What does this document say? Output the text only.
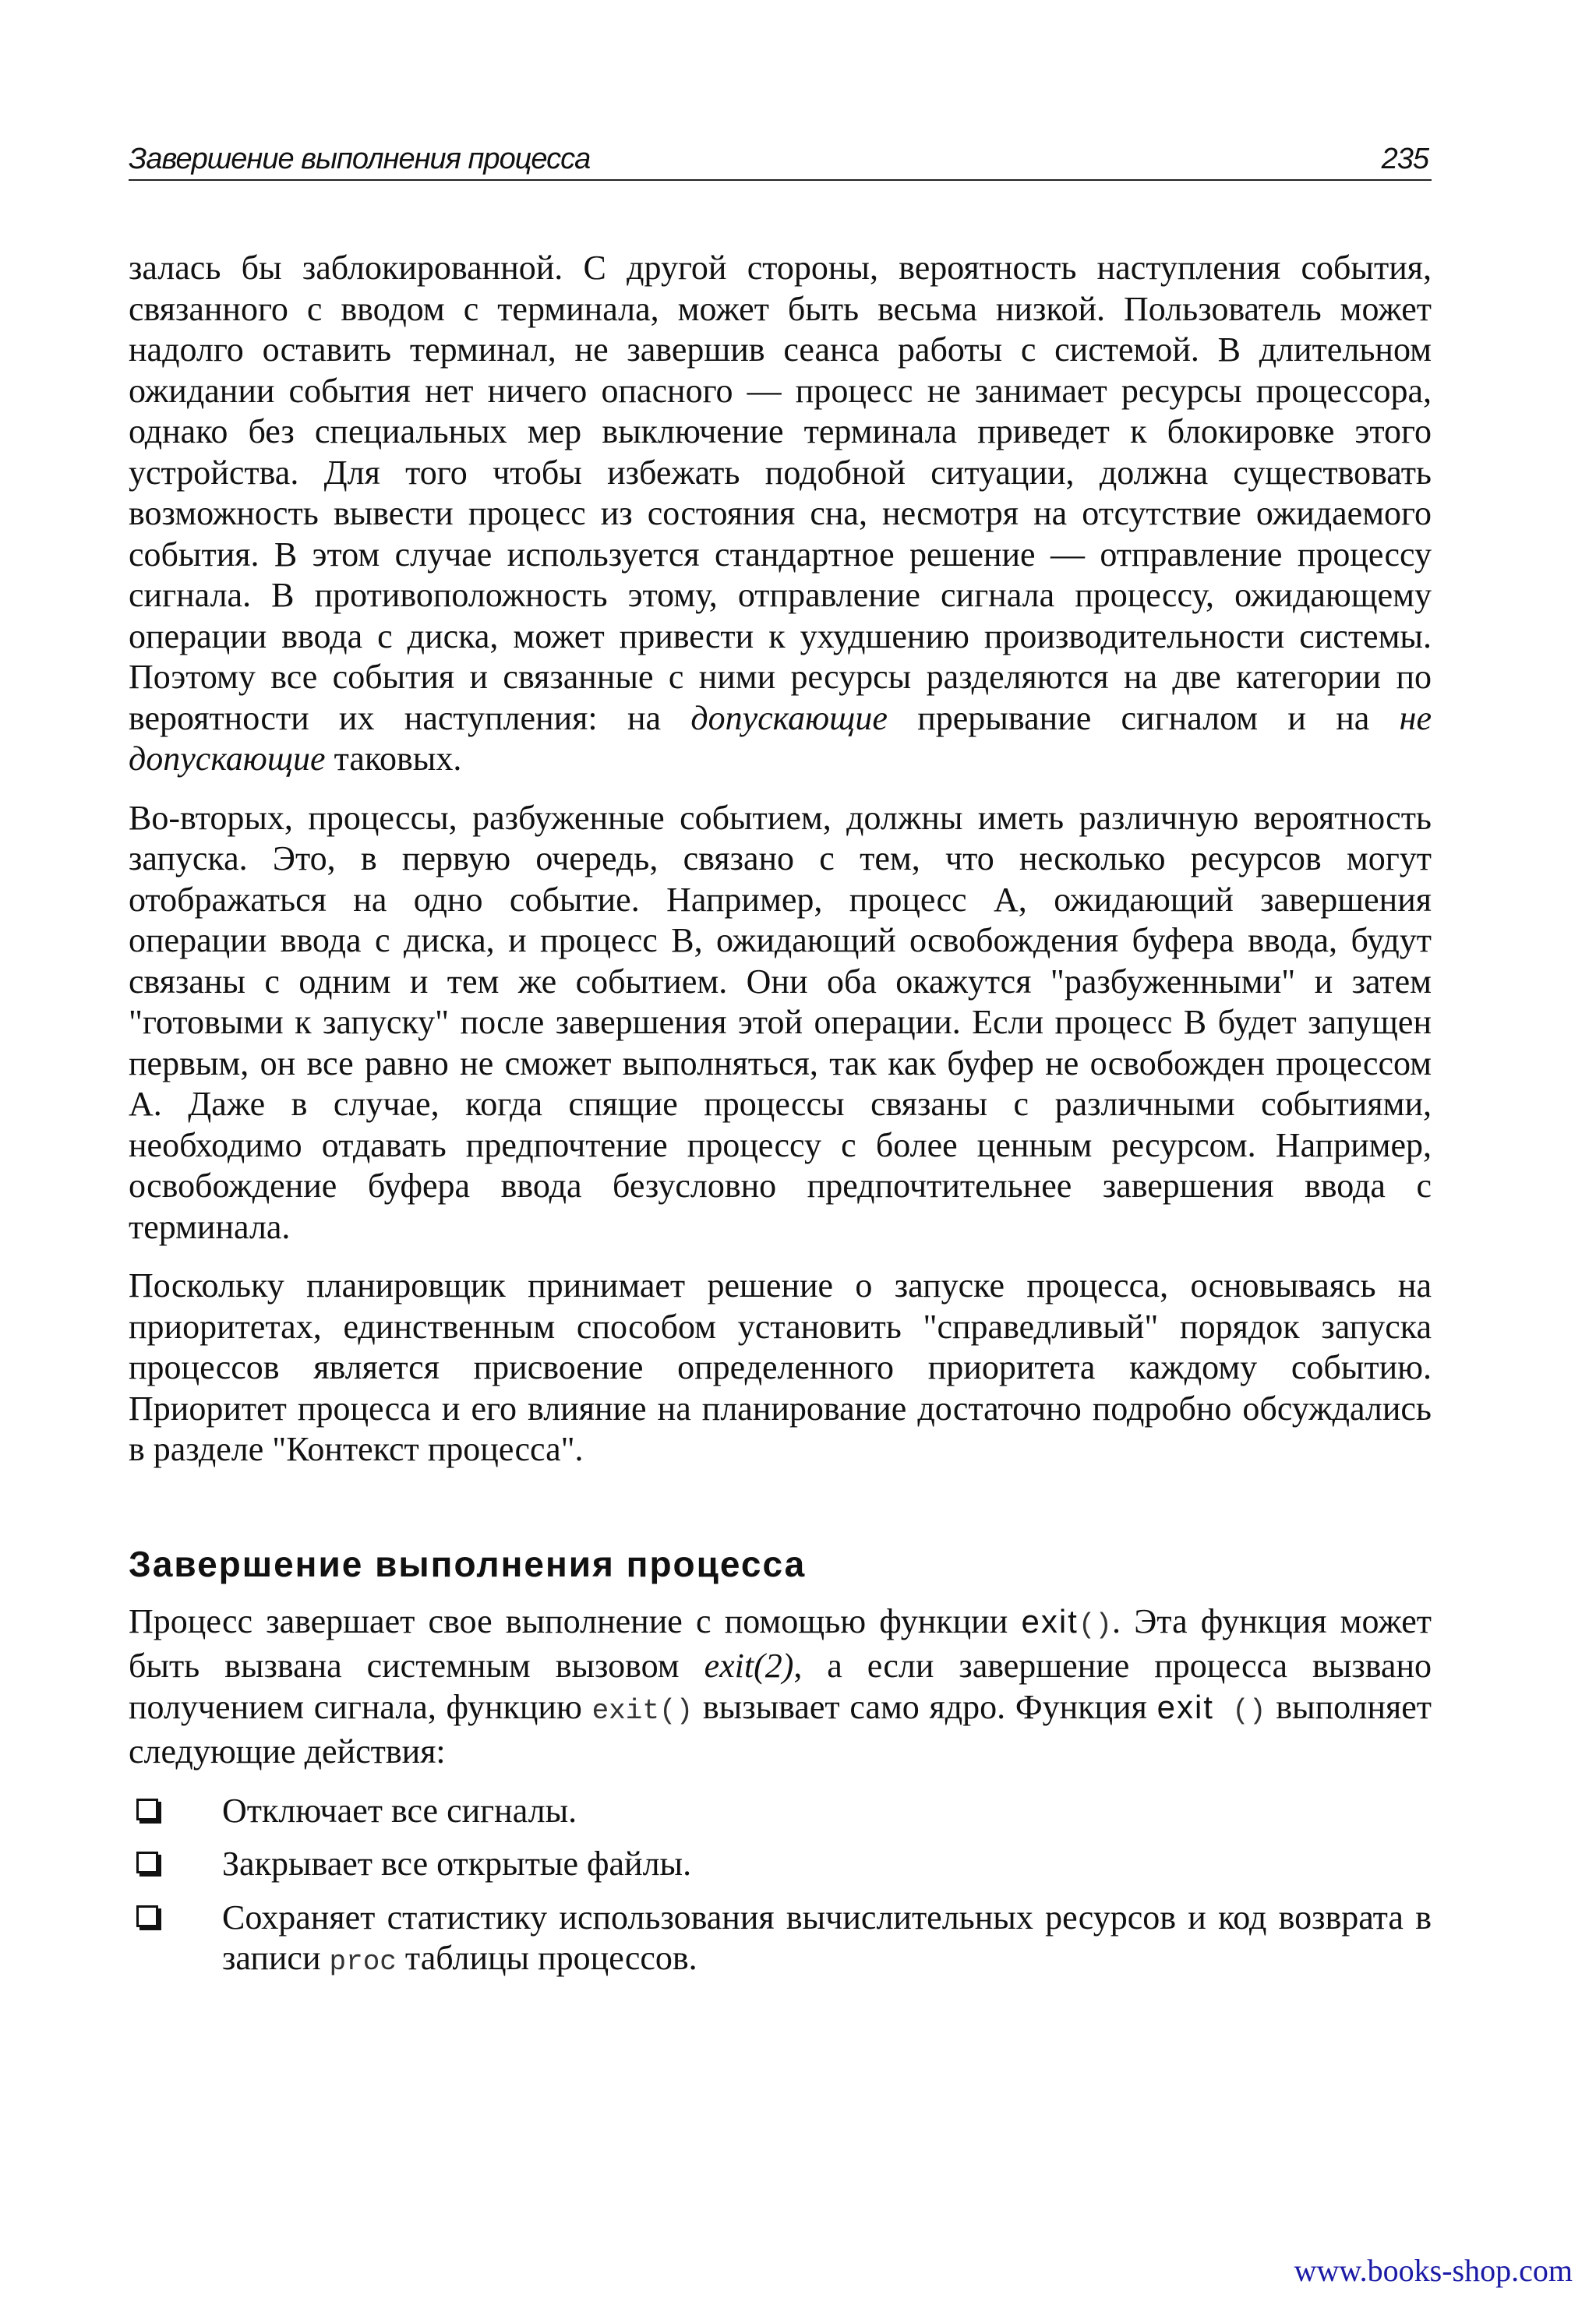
Завершение выполнения процесса	235

залась бы заблокированной. С другой стороны, вероятность наступления события, связанного с вводом с терминала, может быть весьма низкой. Пользователь может надолго оставить терминал, не завершив сеанса работы с системой. В длительном ожидании события нет ничего опасного — процесс не занимает ресурсы процессора, однако без специальных мер выключение терминала приведет к блокировке этого устройства. Для того чтобы избежать подобной ситуации, должна существовать возможность вывести процесс из состояния сна, несмотря на отсутствие ожидаемого события. В этом случае используется стандартное решение — отправление процессу сигнала. В противоположность этому, отправление сигнала процессу, ожидающему операции ввода с диска, может привести к ухудшению производительности системы. Поэтому все события и связанные с ними ресурсы разделяются на две категории по вероятности их наступления: на допускающие прерывание сигналом и на не допускающие таковых.

Во-вторых, процессы, разбуженные событием, должны иметь различную вероятность запуска. Это, в первую очередь, связано с тем, что несколько ресурсов могут отображаться на одно событие. Например, процесс А, ожидающий завершения операции ввода с диска, и процесс В, ожидающий освобождения буфера ввода, будут связаны с одним и тем же событием. Они оба окажутся "разбуженными" и затем "готовыми к запуску" после завершения этой операции. Если процесс В будет запущен первым, он все равно не сможет выполняться, так как буфер не освобожден процессом А. Даже в случае, когда спящие процессы связаны с различными событиями, необходимо отдавать предпочтение процессу с более ценным ресурсом. Например, освобождение буфера ввода безусловно предпочтительнее завершения ввода с терминала.

Поскольку планировщик принимает решение о запуске процесса, основываясь на приоритетах, единственным способом установить "справедливый" порядок запуска процессов является присвоение определенного приоритета каждому событию. Приоритет процесса и его влияние на планирование достаточно подробно обсуждались в разделе "Контекст процесса".

Завершение выполнения процесса

Процесс завершает свое выполнение с помощью функции exit(). Эта функция может быть вызвана системным вызовом exit(2), а если завершение процесса вызвано получением сигнала, функцию exit() вызывает само ядро. Функция exit () выполняет следующие действия:

Отключает все сигналы.
Закрывает все открытые файлы.
Сохраняет статистику использования вычислительных ресурсов и код возврата в записи proc таблицы процессов.
www.books-shop.com
